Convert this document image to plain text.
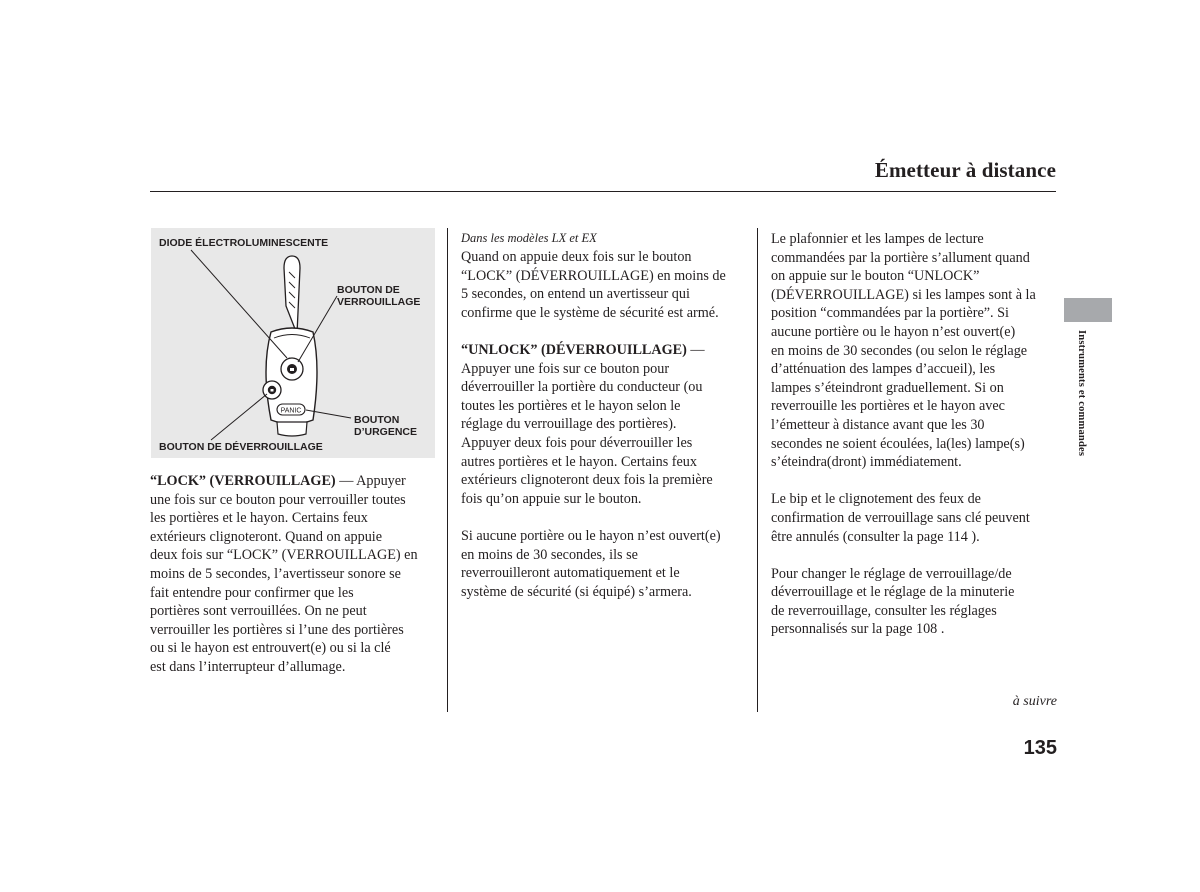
Émetteur à distance
DIODE ÉLECTROLUMINESCENTE
BOUTON DE
VERROUILLAGE
BOUTON
D’URGENCE
BOUTON DE DÉVERROUILLAGE
PANIC

“LOCK” (VERROUILLAGE) — Appuyer
une fois sur ce bouton pour verrouiller toutes
les portières et le hayon. Certains feux
extérieurs clignoteront. Quand on appuie
deux fois sur “LOCK” (VERROUILLAGE) en
moins de 5 secondes, l’avertisseur sonore se
fait entendre pour confirmer que les
portières sont verrouillées. On ne peut
verrouiller les portières si l’une des portières
ou si le hayon est entrouvert(e) ou si la clé
est dans l’interrupteur d’allumage.

Dans les modèles LX et EX

Quand on appuie deux fois sur le bouton
“LOCK” (DÉVERROUILLAGE) en moins de
5 secondes, on entend un avertisseur qui
confirme que le système de sécurité est armé.

“UNLOCK” (DÉVERROUILLAGE) —
Appuyer une fois sur ce bouton pour
déverrouiller la portière du conducteur (ou
toutes les portières et le hayon selon le
réglage du verrouillage des portières).
Appuyer deux fois pour déverrouiller les
autres portières et le hayon. Certains feux
extérieurs clignoteront deux fois la première
fois qu’on appuie sur le bouton.

Si aucune portière ou le hayon n’est ouvert(e)
en moins de 30 secondes, ils se
reverrouilleront automatiquement et le
système de sécurité (si équipé) s’armera.

Le plafonnier et les lampes de lecture
commandées par la portière s’allument quand
on appuie sur le bouton “UNLOCK”
(DÉVERROUILLAGE) si les lampes sont à la
position “commandées par la portière”. Si
aucune portière ou le hayon n’est ouvert(e)
en moins de 30 secondes (ou selon le réglage
d’atténuation des lampes d’accueil), les
lampes s’éteindront graduellement. Si on
reverrouille les portières et le hayon avec
l’émetteur à distance avant que les 30
secondes ne soient écoulées, la(les) lampe(s)
s’éteindra(dront) immédiatement.

Le bip et le clignotement des feux de
confirmation de verrouillage sans clé peuvent
être annulés (consulter la page 114 ).

Pour changer le réglage de verrouillage/de
déverrouillage et le réglage de la minuterie
de reverrouillage, consulter les réglages
personnalisés sur la page 108 .

Instruments et commandes
à suivre
135
